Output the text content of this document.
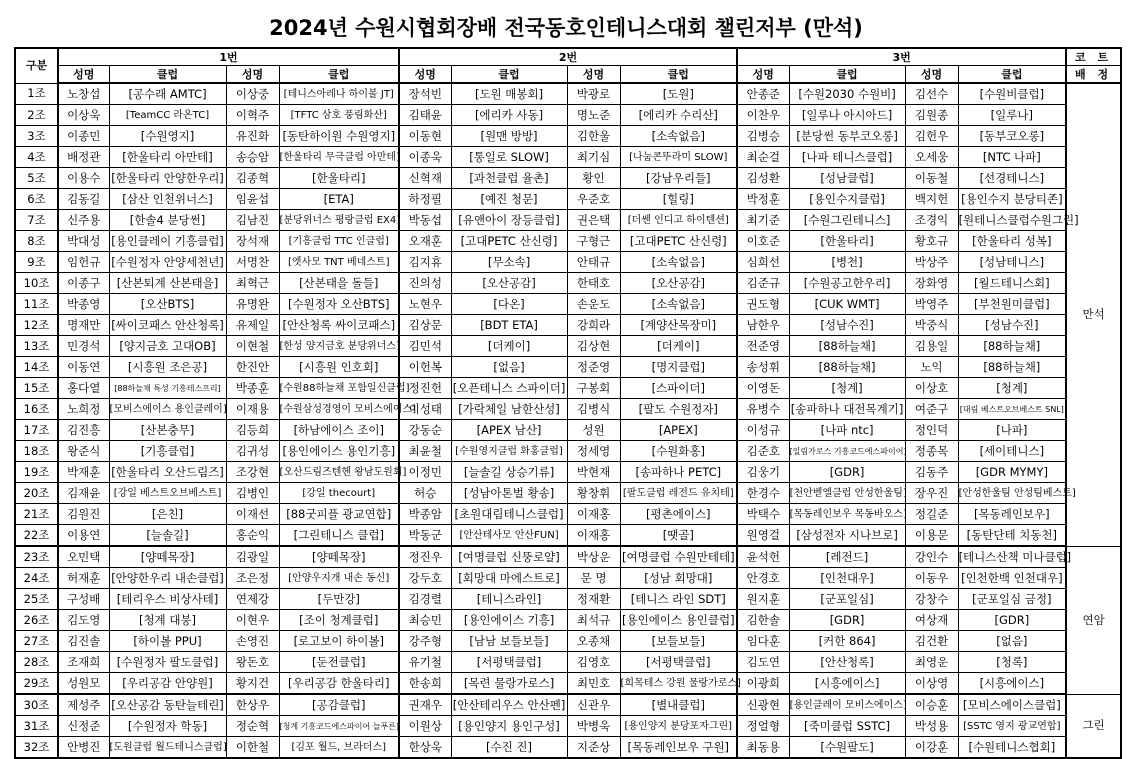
2024년 수원시협회장배 전국동호인테니스대회 챌린저부 (만석)
구분	1번				2번				3번				코 트
	성명	클럽	성명	클럽	성명	클럽	성명	클럽	성명	클럽	성명	클럽	배 정
1조	노창섭	[공수래 AMTC]	이상중	[테니스아레나 하이볼 JT]	장석빈	[도원 매봉회]	박광로	[도원]	안종준	[수원2030 수원비]	김선수	[수원비클럽]	만석
2조	이상욱	[TeamCC 라온TC]	이혁주	[TFTC 삼호 풍림화산]	김태윤	[에리카 사동]	명노준	[에리카 수리산]	이찬우	[일루나 아시아드]	김원종	[일루나]	
3조	이종민	[수원영지]	유진화	[동탄하이원 수원영지]	이동현	[원맨 방방]	김한울	[소속없음]	김병승	[분당썬 동부코오롱]	김헌우	[동부코오롱]	
4조	배정관	[한울타리 아만테]	송승암	[한울타리 무극클럽 아만테]	이종욱	[통일로 SLOW]	최기심	[나눔콘뚜라미 SLOW]	최순걸	[나파 테니스클럽]	오세웅	[NTC 나파]	
5조	이용수	[한울타리 안양한우리]	김종혁	[한울타리]	신혁재	[과천클럽 율촌]	황인	[강남우리들]	김성환	[성남클럽]	이동철	[선경테니스]	
6조	김동길	[삼산 인천위너스]	임윤섭	[ETA]	하정필	[예진 청문]	우준호	[힐링]	박정훈	[용인수지클럽]	백지헌	[용인수지 분당티존]	
7조	신주용	[한솔4 분당썬]	김남진	[분당위너스 평랑클럽 EX4]	박동섭	[유앤아이 장등클럽]	권은택	[더쎈 인디고 하이텐션]	최기준	[수원그린테니스]	조경익	[원테니스클럽수원그린]	
8조	박대성	[용인클레이 기흥클럽]	장석재	[기흥클럽 TTC 인클럽]	오재훈	[고대PETC 산신령]	구형근	[고대PETC 산신령]	이호준	[한울타리]	황호규	[한울타리 성복]	
9조	임헌규	[수원정자 안양세천년]	서명찬	[엣사모 TNT 베네스트]	김지휴	[무소속]	안태규	[소속없음]	심희선	[병천]	박상주	[성남테니스]	
10조	이종구	[산본퇴계 산본태을]	최혁근	[산본태을 돌들]	진의성	[오산공감]	한태호	[오산공감]	김준규	[수원공고한우리]	장화영	[월드테니스회]	
11조	박종영	[오산BTS]	유명완	[수원정자 오산BTS]	노현우	[다온]	손운도	[소속없음]	권도형	[CUK WMT]	박영주	[부천원미클럽]	
12조	명재만	[싸이코패스 안산청록]	유제일	[안산청록 싸이코패스]	김상문	[BDT ETA]	강희라	[계양산목장미]	남한우	[성남수진]	박중식	[성남수진]	
13조	민경석	[양지금호 고대OB]	이현철	[한성 양지금호 분당위너스]	김민석	[더케이]	김상현	[더케이]	전준영	[88하늘채]	김용일	[88하늘채]	
14조	이동연	[시흥원 조은공]	한진안	[시흥원 인호회]	이헌복	[없음]	정준영	[명지클럽]	송성휘	[88하늘채]	노익	[88하늘채]	
15조	홍다열	[88하늘채 특성 기흥테스프리]	박종훈	[수원88하늘채 포함일신클럽]	정진헌	[오픈테니스 스파이더]	구봉회	[스파이더]	이영돈	[청계]	이상호	[청계]	
16조	노희정	[모비스에이스 용인클레이]	이재용	[수원삼성경영이 모비스에이스]	이성태	[가락체일 남한산성]	김병식	[팔도 수원정자]	유병수	[송파하나 대전목계기]	여준구	[대림 베스트오브베스트 SNL]	
17조	김진흥	[산본충무]	김등희	[하남에이스 조이]	강동순	[APEX 남산]	성원	[APEX]	이성규	[나파 ntc]	정인덕	[나파]	
18조	왕준식	[기흥클럽]	김귀성	[용인에이스 용인기흥]	최윤철	[수원영지클럽 화홍클럽]	정세영	[수원화홍]	김준호	[일림가로스 기흥코드에스파이어]	정종목	[세이테니스]	
19조	박재훈	[한울타리 오산드림즈]	조강현	[오산드림즈텐헨 왕남도원회]	이정민	[늘솔길 상승기류]	박현재	[송파하나 PETC]	김웅기	[GDR]	김동주	[GDR MYMY]	
20조	김재윤	[강일 베스트오브베스트]	김병인	[강일 thecourt]	허승	[성남아톤벌 황송]	황창휘	[팔도클럽 레전드 유치테]	한경수	[천안벧엘클럽 안성한울팀]	장우진	[안성한울팀 안성팀베스트]	
21조	김원진	[은친]	이재선	[88굿피플 광교연합]	박종암	[초원대림테니스클럽]	이재홍	[평촌에이스]	박택수	[목동레인보우 목동바오스]	정길준	[목동레인보우]	
22조	이용연	[늘솔길]	홍순익	[그린테니스 클럽]	박동군	[안산테사모 안산FUN]	이재홍	[땟골]	원영걸	[삼성전자 시나브로]	이용문	[동탄단테 치동천]	
23조	오민택	[양떼목장]	김광일	[양떼목장]	정진우	[여명클럽 신뚱로얄]	박상운	[여명클럽 수원만테테]	윤석헌	[레전드]	강인수	[테니스산책 미나클럽]	연암
24조	허재훈	[안양한우리 내손클럽]	조은정	[안양우지개 내손 동신]	강두호	[회망대 마에스트로]	문 명	[성남 회망대]	안경호	[인천대우]	이동우	[인천한백 인천대우]	
25조	구성배	[테리우스 비상사테]	연제강	[두만강]	김경렬	[테니스라인]	정재환	[테니스 라인 SDT]	원지훈	[군포일심]	강창수	[군포일심 금정]	
26조	김도영	[청계 대붕]	이현우	[조이 청계클럽]	최승민	[용인에이스 기흥]	최석규	[용인에이스 용인클럽]	김한솔	[GDR]	여상재	[GDR]	
27조	김진솔	[하이볼 PPU]	손영진	[로고보이 하이볼]	강주형	[남남 보들보들]	오종채	[보들보들]	임다훈	[커한 864]	김건환	[없음]	
28조	조재희	[수원정자 팔도클럽]	왕돈호	[둔전클럽]	유기철	[서평택클럽]	김영호	[서평택클럽]	김도연	[안산청록]	최영운	[청록]	
29조	성원모	[우리공감 안양원]	황지건	[우리공감 한울타리]	한송희	[목련 물랑가로스]	최민호	[희목테스 강원 물랑가로스]	이광희	[시흥에이스]	이상영	[시흥에이스]	
30조	제성주	[오산공감 동탄늘테린]	한상우	[공감클럽]	권재우	[안산테리우스 안산펜]	신관우	[별내클럽]	신광현	[용인클레이 모비스에이스]	이승훈	[모비스에이스클럽]	그린
31조	신정준	[수원정자 학동]	정순혁	[청계 기흥코드에스파이어 늘푸른]	이원상	[용인양지 용인구성]	박병욱	[용인양지 분당포자그린]	정얼형	[죽미클럽 SSTC]	박성용	[SSTC 영지 광교연합]	
32조	안병진	[도원클럽 월드테니스클럽]	이한철	[김포 월드, 브라더스]	한상욱	[수진 진]	지준상	[목동레인보우 구원]	최동용	[수원팔도]	이강훈	[수원테니스협회]	
